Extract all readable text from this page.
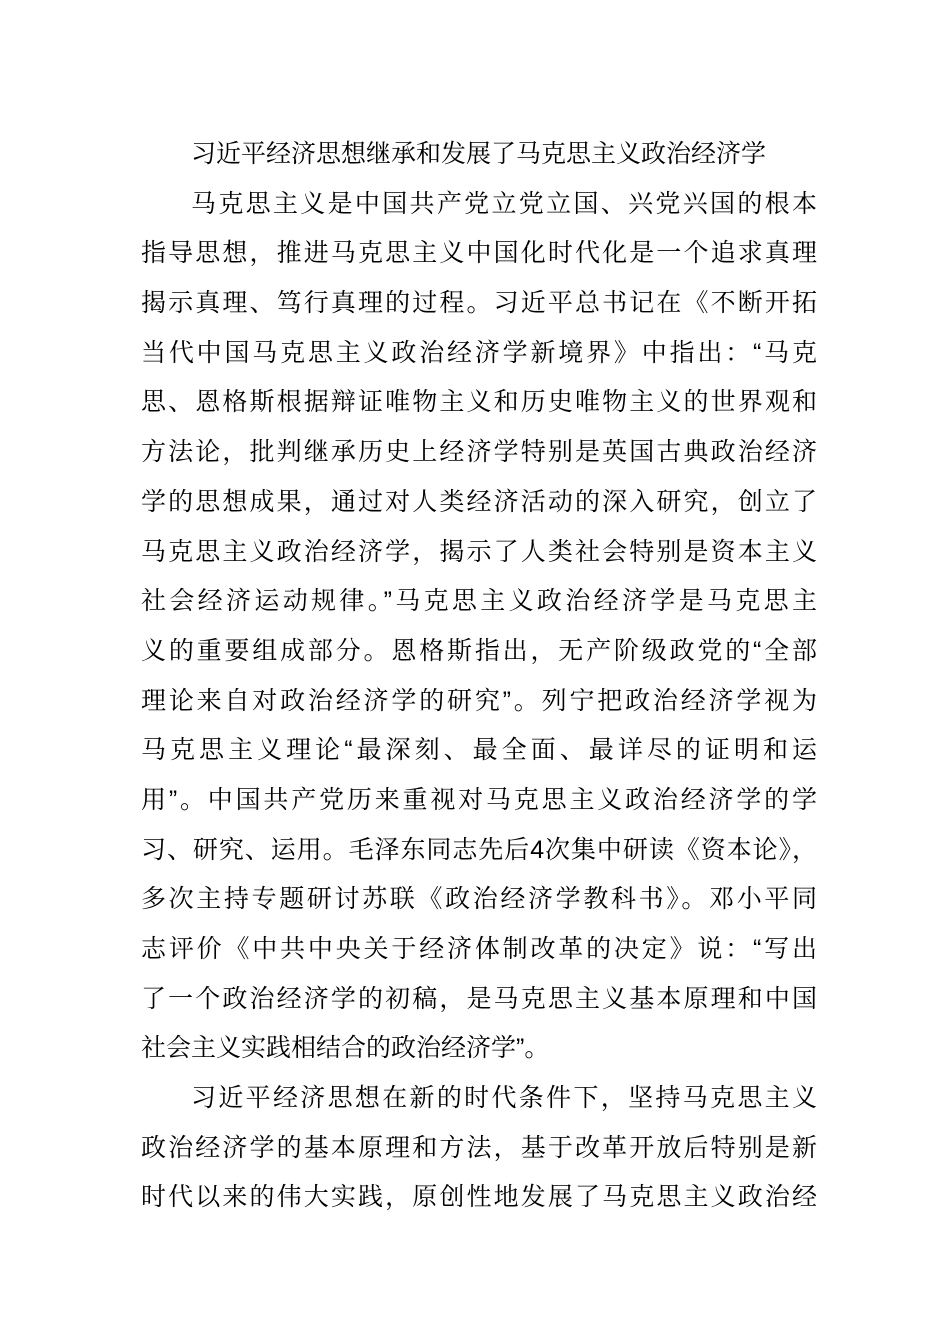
习近平经济思想继承和发展了马克思主义政治经济学
马克思主义是中国共产党立党立国、兴党兴国的根本
指导思想，推进马克思主义中国化时代化是一个追求真理
揭示真理、笃行真理的过程。习近平总书记在《不断开拓
当代中国马克思主义政治经济学新境界》中指出：“马克
思、恩格斯根据辩证唯物主义和历史唯物主义的世界观和
方法论，批判继承历史上经济学特别是英国古典政治经济
学的思想成果，通过对人类经济活动的深入研究，创立了
马克思主义政治经济学，揭示了人类社会特别是资本主义
社会经济运动规律。”马克思主义政治经济学是马克思主
义的重要组成部分。恩格斯指出，无产阶级政党的“全部
理论来自对政治经济学的研究”。列宁把政治经济学视为
马克思主义理论“最深刻、最全面、最详尽的证明和运
用”。中国共产党历来重视对马克思主义政治经济学的学
习、研究、运用。毛泽东同志先后4次集中研读《资本论》，
多次主持专题研讨苏联《政治经济学教科书》。邓小平同
志评价《中共中央关于经济体制改革的决定》说：“写出
了一个政治经济学的初稿，是马克思主义基本原理和中国
社会主义实践相结合的政治经济学”。
习近平经济思想在新的时代条件下，坚持马克思主义
政治经济学的基本原理和方法，基于改革开放后特别是新
时代以来的伟大实践，原创性地发展了马克思主义政治经
